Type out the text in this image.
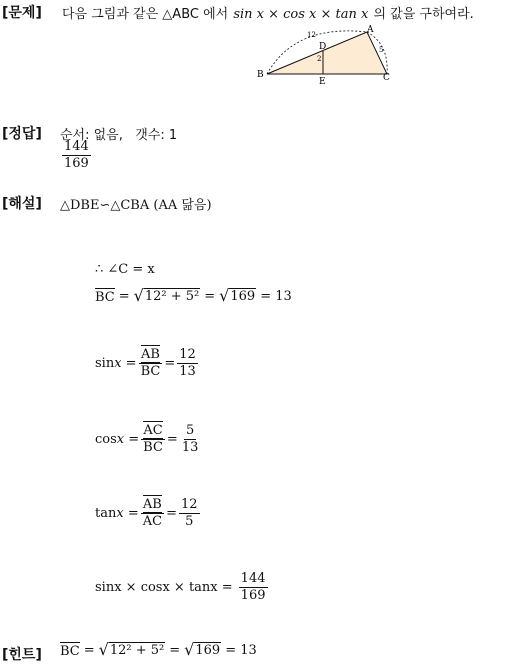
[문제] 다음 그림과 같은 △ABC 에서 sin x × cos x × tan x 의 값을 구하여라.
B
A
C
D
E
12
5
2
[정답] 순서: 없음,   갯수: 1
$\frac{144}{169}$
[해설] △DBE∽△CBA (AA 닮음)
∴ ∠C = x
BC = √ 12² + 5² = √ 169 = 13
$\sin x = \frac{AB}{BC} = \frac{12}{13}$
$\cos x = \frac{AC}{BC} = \frac{5}{13}$
$\tan x = \frac{AB}{AC} = \frac{12}{5}$
$\sin x \times \cos x \times \tan x = \frac{144}{169}$
[힌트] BC = √ 12² + 5² = √ 169 = 13
